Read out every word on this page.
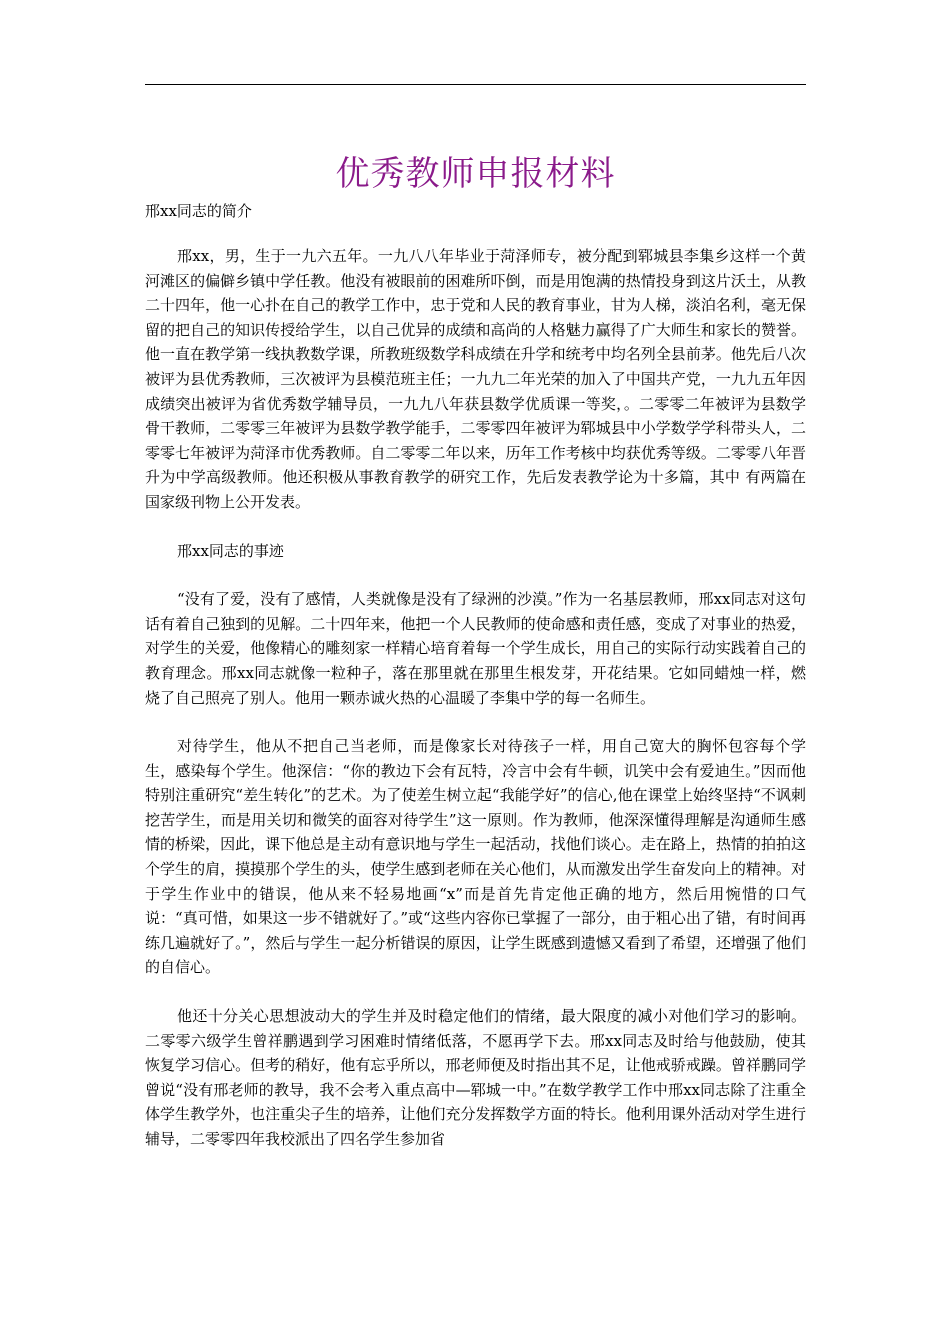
优秀教师申报材料
邢xx同志的简介

邢xx，男，生于一九六五年。一九八八年毕业于菏泽师专，被分配到郓城县李集乡这样一个黄河滩区的偏僻乡镇中学任教。他没有被眼前的困难所吓倒，而是用饱满的热情投身到这片沃土，从教二十四年，他一心扑在自己的教学工作中，忠于党和人民的教育事业，甘为人梯，淡泊名利，毫无保留的把自己的知识传授给学生，以自己优异的成绩和高尚的人格魅力赢得了广大师生和家长的赞誉。他一直在教学第一线执教数学课，所教班级数学科成绩在升学和统考中均名列全县前茅。他先后八次被评为县优秀教师，三次被评为县模范班主任；一九九二年光荣的加入了中国共产党，一九九五年因成绩突出被评为省优秀数学辅导员，一九九八年获县数学优质课一等奖，。二零零二年被评为县数学骨干教师，二零零三年被评为县数学教学能手，二零零四年被评为郓城县中小学数学学科带头人，二零零七年被评为菏泽市优秀教师。自二零零二年以来，历年工作考核中均获优秀等级。二零零八年晋升为中学高级教师。他还积极从事教育教学的研究工作，先后发表教学论为十多篇，其中 有两篇在国家级刊物上公开发表。

邢xx同志的事迹

“没有了爱，没有了感情，人类就像是没有了绿洲的沙漠。”作为一名基层教师，邢xx同志对这句话有着自己独到的见解。二十四年来，他把一个人民教师的使命感和责任感，变成了对事业的热爱，对学生的关爱，他像精心的雕刻家一样精心培育着每一个学生成长，用自己的实际行动实践着自己的教育理念。邢xx同志就像一粒种子，落在那里就在那里生根发芽，开花结果。它如同蜡烛一样，燃烧了自己照亮了别人。他用一颗赤诚火热的心温暖了李集中学的每一名师生。

对待学生，他从不把自己当老师，而是像家长对待孩子一样，用自己宽大的胸怀包容每个学生，感染每个学生。他深信：“你的教边下会有瓦特，冷言中会有牛顿，讥笑中会有爱迪生。”因而他特别注重研究“差生转化”的艺术。为了使差生树立起“我能学好”的信心,他在课堂上始终坚持“不讽刺挖苦学生，而是用关切和微笑的面容对待学生”这一原则。作为教师，他深深懂得理解是沟通师生感情的桥梁，因此，课下他总是主动有意识地与学生一起活动，找他们谈心。走在路上，热情的拍拍这个学生的肩，摸摸那个学生的头，使学生感到老师在关心他们，从而激发出学生奋发向上的精神。对于学生作业中的错误，他从来不轻易地画“x”而是首先肯定他正确的地方，然后用惋惜的口气说：“真可惜，如果这一步不错就好了。”或“这些内容你已掌握了一部分，由于粗心出了错，有时间再练几遍就好了。”，然后与学生一起分析错误的原因，让学生既感到遗憾又看到了希望，还增强了他们的自信心。

他还十分关心思想波动大的学生并及时稳定他们的情绪，最大限度的减小对他们学习的影响。二零零六级学生曾祥鹏遇到学习困难时情绪低落，不愿再学下去。邢xx同志及时给与他鼓励，使其恢复学习信心。但考的稍好，他有忘乎所以，邢老师便及时指出其不足，让他戒骄戒躁。曾祥鹏同学曾说“没有邢老师的教导，我不会考入重点高中—郓城一中。”在数学教学工作中邢xx同志除了注重全体学生教学外，也注重尖子生的培养，让他们充分发挥数学方面的特长。他利用课外活动对学生进行辅导，二零零四年我校派出了四名学生参加省
